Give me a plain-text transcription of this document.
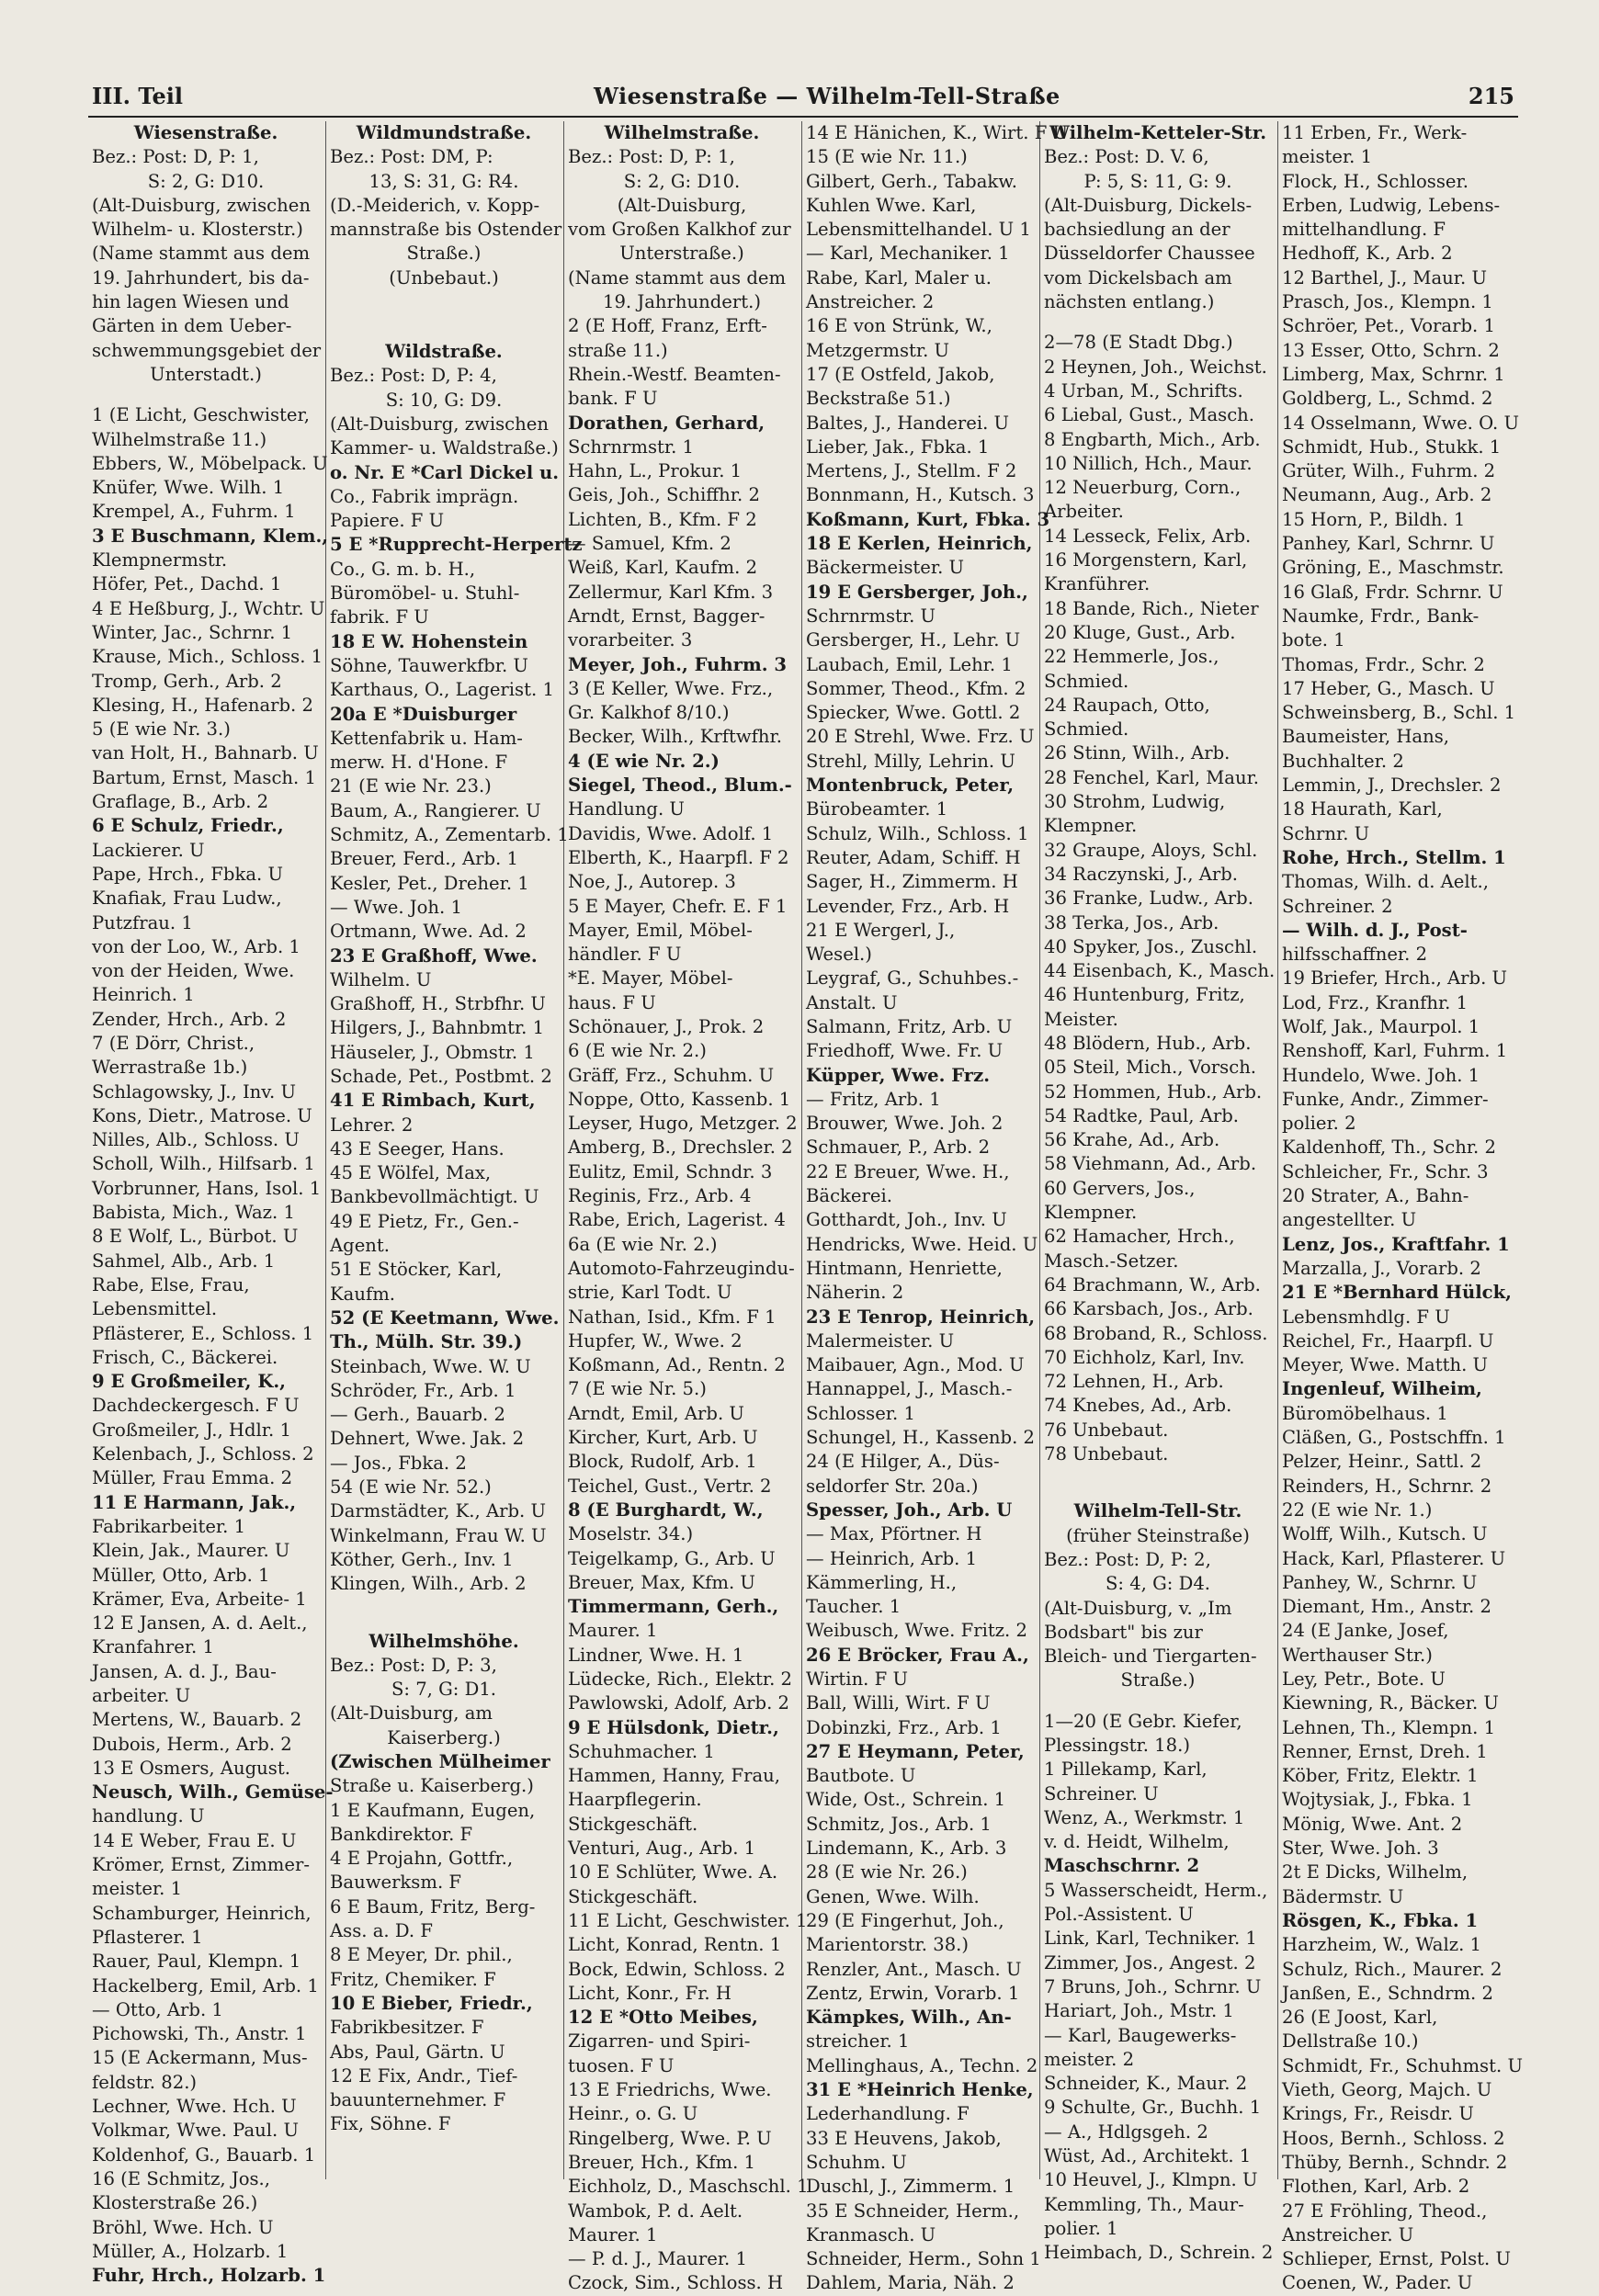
III. Teil	Wiesenstraße — Wilhelm-Tell-Straße	215
Wiesenstraße.
Bez.: Post: D, P: 1,
S: 2, G: D10.
(Alt-Duisburg, zwischen
Wilhelm- u. Klosterstr.)
(Name stammt aus dem
19. Jahrhundert, bis da-
hin lagen Wiesen und
Gärten in dem Ueber-
schwemmungsgebiet der
Unterstadt.)
1 (E Licht, Geschwister,
Wilhelmstraße 11.)
Ebbers, W., Möbelpack. U
Knüfer, Wwe. Wilh. 1
Krempel, A., Fuhrm. 1
3 E Buschmann, Klem.,
Klempnermstr.
Höfer, Pet., Dachd. 1
4 E Heßburg, J., Wchtr. U
Winter, Jac., Schrnr. 1
Krause, Mich., Schloss. 1
Tromp, Gerh., Arb. 2
Klesing, H., Hafenarb. 2
5 (E wie Nr. 3.)
van Holt, H., Bahnarb. U
Bartum, Ernst, Masch. 1
Graflage, B., Arb. 2
6 E Schulz, Friedr.,
Lackierer. U
Pape, Hrch., Fbka. U
Knafiak, Frau Ludw.,
Putzfrau. 1
von der Loo, W., Arb. 1
von der Heiden, Wwe.
Heinrich. 1
Zender, Hrch., Arb. 2
7 (E Dörr, Christ.,
Werrastraße 1b.)
Schlagowsky, J., Inv. U
Kons, Dietr., Matrose. U
Nilles, Alb., Schloss. U
Scholl, Wilh., Hilfsarb. 1
Vorbrunner, Hans, Isol. 1
Babista, Mich., Waz. 1
8 E Wolf, L., Bürbot. U
Sahmel, Alb., Arb. 1
Rabe, Else, Frau,
Lebensmittel.
Pflästerer, E., Schloss. 1
Frisch, C., Bäckerei.
9 E Großmeiler, K.,
Dachdeckergesch. F U
Großmeiler, J., Hdlr. 1
Kelenbach, J., Schloss. 2
Müller, Frau Emma. 2
11 E Harmann, Jak.,
Fabrikarbeiter. 1
Klein, Jak., Maurer. U
Müller, Otto, Arb. 1
Krämer, Eva, Arbeite- 1
12 E Jansen, A. d. Aelt.,
Kranfahrer. 1
Jansen, A. d. J., Bau-
arbeiter. U
Mertens, W., Bauarb. 2
Dubois, Herm., Arb. 2
13 E Osmers, August.
Neusch, Wilh., Gemüse-
handlung. U
14 E Weber, Frau E. U
Krömer, Ernst, Zimmer-
meister. 1
Schamburger, Heinrich,
Pflasterer. 1
Rauer, Paul, Klempn. 1
Hackelberg, Emil, Arb. 1
— Otto, Arb. 1
Pichowski, Th., Anstr. 1
15 (E Ackermann, Mus-
feldstr. 82.)
Lechner, Wwe. Hch. U
Volkmar, Wwe. Paul. U
Koldenhof, G., Bauarb. 1
16 (E Schmitz, Jos.,
Klosterstraße 26.)
Bröhl, Wwe. Hch. U
Müller, A., Holzarb. 1
Fuhr, Hrch., Holzarb. 1
Wildmundstraße.
Bez.: Post: DM, P:
13, S: 31, G: R4.
(D.-Meiderich, v. Kopp-
mannstraße bis Ostender
Straße.)
(Unbebaut.)
Wildstraße.
Bez.: Post: D, P: 4,
S: 10, G: D9.
(Alt-Duisburg, zwischen
Kammer- u. Waldstraße.)
o. Nr. E *Carl Dickel u.
Co., Fabrik imprägn.
Papiere. F U
5 E *Rupprecht-Herpertz
Co., G. m. b. H.,
Büromöbel- u. Stuhl-
fabrik. F U
18 E W. Hohenstein
Söhne, Tauwerkfbr. U
Karthaus, O., Lagerist. 1
20a E *Duisburger
Kettenfabrik u. Ham-
merw. H. d'Hone. F
21 (E wie Nr. 23.)
Baum, A., Rangierer. U
Schmitz, A., Zementarb. 1
Breuer, Ferd., Arb. 1
Kesler, Pet., Dreher. 1
— Wwe. Joh. 1
Ortmann, Wwe. Ad. 2
23 E Graßhoff, Wwe.
Wilhelm. U
Graßhoff, H., Strbfhr. U
Hilgers, J., Bahnbmtr. 1
Häuseler, J., Obmstr. 1
Schade, Pet., Postbmt. 2
41 E Rimbach, Kurt,
Lehrer. 2
43 E Seeger, Hans.
45 E Wölfel, Max,
Bankbevollmächtigt. U
49 E Pietz, Fr., Gen.-
Agent.
51 E Stöcker, Karl,
Kaufm.
52 (E Keetmann, Wwe.
Th., Mülh. Str. 39.)
Steinbach, Wwe. W. U
Schröder, Fr., Arb. 1
— Gerh., Bauarb. 2
Dehnert, Wwe. Jak. 2
— Jos., Fbka. 2
54 (E wie Nr. 52.)
Darmstädter, K., Arb. U
Winkelmann, Frau W. U
Köther, Gerh., Inv. 1
Klingen, Wilh., Arb. 2
Wilhelmshöhe.
Bez.: Post: D, P: 3,
S: 7, G: D1.
(Alt-Duisburg, am
Kaiserberg.)
(Zwischen Mülheimer
Straße u. Kaiserberg.)
1 E Kaufmann, Eugen,
Bankdirektor. F
4 E Projahn, Gottfr.,
Bauwerksm. F
6 E Baum, Fritz, Berg-
Ass. a. D. F
8 E Meyer, Dr. phil.,
Fritz, Chemiker. F
10 E Bieber, Friedr.,
Fabrikbesitzer. F
Abs, Paul, Gärtn. U
12 E Fix, Andr., Tief-
bauunternehmer. F
Fix, Söhne. F
Wilhelmstraße.
Bez.: Post: D, P: 1,
S: 2, G: D10.
(Alt-Duisburg,
vom Großen Kalkhof zur
Unterstraße.)
(Name stammt aus dem
19. Jahrhundert.)
2 (E Hoff, Franz, Erft-
straße 11.)
Rhein.-Westf. Beamten-
bank. F U
Dorathen, Gerhard,
Schrnrmstr. 1
Hahn, L., Prokur. 1
Geis, Joh., Schiffhr. 2
Lichten, B., Kfm. F 2
— Samuel, Kfm. 2
Weiß, Karl, Kaufm. 2
Zellermur, Karl Kfm. 3
Arndt, Ernst, Bagger-
vorarbeiter. 3
Meyer, Joh., Fuhrm. 3
3 (E Keller, Wwe. Frz.,
Gr. Kalkhof 8/10.)
Becker, Wilh., Krftwfhr.
4 (E wie Nr. 2.)
Siegel, Theod., Blum.-
Handlung. U
Davidis, Wwe. Adolf. 1
Elberth, K., Haarpfl. F 2
Noe, J., Autorep. 3
5 E Mayer, Chefr. E. F 1
Mayer, Emil, Möbel-
händler. F U
*E. Mayer, Möbel-
haus. F U
Schönauer, J., Prok. 2
6 (E wie Nr. 2.)
Gräff, Frz., Schuhm. U
Noppe, Otto, Kassenb. 1
Leyser, Hugo, Metzger. 2
Amberg, B., Drechsler. 2
Eulitz, Emil, Schndr. 3
Reginis, Frz., Arb. 4
Rabe, Erich, Lagerist. 4
6a (E wie Nr. 2.)
Automoto-Fahrzeugindu-
strie, Karl Todt. U
Nathan, Isid., Kfm. F 1
Hupfer, W., Wwe. 2
Koßmann, Ad., Rentn. 2
7 (E wie Nr. 5.)
Arndt, Emil, Arb. U
Kircher, Kurt, Arb. U
Block, Rudolf, Arb. 1
Teichel, Gust., Vertr. 2
8 (E Burghardt, W.,
Moselstr. 34.)
Teigelkamp, G., Arb. U
Breuer, Max, Kfm. U
Timmermann, Gerh.,
Maurer. 1
Lindner, Wwe. H. 1
Lüdecke, Rich., Elektr. 2
Pawlowski, Adolf, Arb. 2
9 E Hülsdonk, Dietr.,
Schuhmacher. 1
Hammen, Hanny, Frau,
Haarpflegerin.
Stickgeschäft.
Venturi, Aug., Arb. 1
10 E Schlüter, Wwe. A.
Stickgeschäft.
11 E Licht, Geschwister. 1
Licht, Konrad, Rentn. 1
Bock, Edwin, Schloss. 2
Licht, Konr., Fr. H
12 E *Otto Meibes,
Zigarren- und Spiri-
tuosen. F U
13 E Friedrichs, Wwe.
Heinr., o. G. U
Ringelberg, Wwe. P. U
Breuer, Hch., Kfm. 1
Eichholz, D., Maschschl. 1
Wambok, P. d. Aelt.
Maurer. 1
— P. d. J., Maurer. 1
Czock, Sim., Schloss. H
14 E Hänichen, K., Wirt. F U
15 (E wie Nr. 11.)
Gilbert, Gerh., Tabakw.
Kuhlen Wwe. Karl,
Lebensmittelhandel. U 1
— Karl, Mechaniker. 1
Rabe, Karl, Maler u.
Anstreicher. 2
16 E von Strünk, W.,
Metzgermstr. U
17 (E Ostfeld, Jakob,
Beckstraße 51.)
Baltes, J., Handerei. U
Lieber, Jak., Fbka. 1
Mertens, J., Stellm. F 2
Bonnmann, H., Kutsch. 3
Koßmann, Kurt, Fbka. 3
18 E Kerlen, Heinrich,
Bäckermeister. U
19 E Gersberger, Joh.,
Schrnrmstr. U
Gersberger, H., Lehr. U
Laubach, Emil, Lehr. 1
Sommer, Theod., Kfm. 2
Spiecker, Wwe. Gottl. 2
20 E Strehl, Wwe. Frz. U
Strehl, Milly, Lehrin. U
Montenbruck, Peter,
Bürobeamter. 1
Schulz, Wilh., Schloss. 1
Reuter, Adam, Schiff. H
Sager, H., Zimmerm. H
Levender, Frz., Arb. H
21 E Wergerl, J.,
Wesel.)
Leygraf, G., Schuhbes.-
Anstalt. U
Salmann, Fritz, Arb. U
Friedhoff, Wwe. Fr. U
Küpper, Wwe. Frz.
— Fritz, Arb. 1
Brouwer, Wwe. Joh. 2
Schmauer, P., Arb. 2
22 E Breuer, Wwe. H.,
Bäckerei.
Gotthardt, Joh., Inv. U
Hendricks, Wwe. Heid. U
Hintmann, Henriette,
Näherin. 2
23 E Tenrop, Heinrich,
Malermeister. U
Maibauer, Agn., Mod. U
Hannappel, J., Masch.-
Schlosser. 1
Schungel, H., Kassenb. 2
24 (E Hilger, A., Düs-
seldorfer Str. 20a.)
Spesser, Joh., Arb. U
— Max, Pförtner. H
— Heinrich, Arb. 1
Kämmerling, H.,
Taucher. 1
Weibusch, Wwe. Fritz. 2
26 E Bröcker, Frau A.,
Wirtin. F U
Ball, Willi, Wirt. F U
Dobinzki, Frz., Arb. 1
27 E Heymann, Peter,
Bautbote. U
Wide, Ost., Schrein. 1
Schmitz, Jos., Arb. 1
Lindemann, K., Arb. 3
28 (E wie Nr. 26.)
Genen, Wwe. Wilh.
29 (E Fingerhut, Joh.,
Marientorstr. 38.)
Renzler, Ant., Masch. U
Zentz, Erwin, Vorarb. 1
Kämpkes, Wilh., An-
streicher. 1
Mellinghaus, A., Techn. 2
31 E *Heinrich Henke,
Lederhandlung. F
33 E Heuvens, Jakob,
Schuhm. U
Duschl, J., Zimmerm. 1
35 E Schneider, Herm.,
Kranmasch. U
Schneider, Herm., Sohn 1
Dahlem, Maria, Näh. 2
Wilhelm-Ketteler-Str.
Bez.: Post: D. V. 6,
P: 5, S: 11, G: 9.
(Alt-Duisburg, Dickels-
bachsiedlung an der
Düsseldorfer Chaussee
vom Dickelsbach am
nächsten entlang.)
2—78 (E Stadt Dbg.)
2 Heynen, Joh., Weichst.
4 Urban, M., Schrifts.
6 Liebal, Gust., Masch.
8 Engbarth, Mich., Arb.
10 Nillich, Hch., Maur.
12 Neuerburg, Corn.,
Arbeiter.
14 Lesseck, Felix, Arb.
16 Morgenstern, Karl,
Kranführer.
18 Bande, Rich., Nieter
20 Kluge, Gust., Arb.
22 Hemmerle, Jos.,
Schmied.
24 Raupach, Otto,
Schmied.
26 Stinn, Wilh., Arb.
28 Fenchel, Karl, Maur.
30 Strohm, Ludwig,
Klempner.
32 Graupe, Aloys, Schl.
34 Raczynski, J., Arb.
36 Franke, Ludw., Arb.
38 Terka, Jos., Arb.
40 Spyker, Jos., Zuschl.
44 Eisenbach, K., Masch.
46 Huntenburg, Fritz,
Meister.
48 Blödern, Hub., Arb.
05 Steil, Mich., Vorsch.
52 Hommen, Hub., Arb.
54 Radtke, Paul, Arb.
56 Krahe, Ad., Arb.
58 Viehmann, Ad., Arb.
60 Gervers, Jos.,
Klempner.
62 Hamacher, Hrch.,
Masch.-Setzer.
64 Brachmann, W., Arb.
66 Karsbach, Jos., Arb.
68 Broband, R., Schloss.
70 Eichholz, Karl, Inv.
72 Lehnen, H., Arb.
74 Knebes, Ad., Arb.
76 Unbebaut.
78 Unbebaut.
Wilhelm-Tell-Str.
(früher Steinstraße)
Bez.: Post: D, P: 2,
S: 4, G: D4.
(Alt-Duisburg, v. „Im
Bodsbart" bis zur
Bleich- und Tiergarten-
Straße.)
1—20 (E Gebr. Kiefer,
Plessingstr. 18.)
1 Pillekamp, Karl,
Schreiner. U
Wenz, A., Werkmstr. 1
v. d. Heidt, Wilhelm,
Maschschrnr. 2
5 Wasserscheidt, Herm.,
Pol.-Assistent. U
Link, Karl, Techniker. 1
Zimmer, Jos., Angest. 2
7 Bruns, Joh., Schrnr. U
Hariart, Joh., Mstr. 1
— Karl, Baugewerks-
meister. 2
Schneider, K., Maur. 2
9 Schulte, Gr., Buchh. 1
— A., Hdlgsgeh. 2
Wüst, Ad., Architekt. 1
10 Heuvel, J., Klmpn. U
Kemmling, Th., Maur-
polier. 1
Heimbach, D., Schrein. 2
11 Erben, Fr., Werk-
meister. 1
Flock, H., Schlosser.
Erben, Ludwig, Lebens-
mittelhandlung. F
Hedhoff, K., Arb. 2
12 Barthel, J., Maur. U
Prasch, Jos., Klempn. 1
Schröer, Pet., Vorarb. 1
13 Esser, Otto, Schrn. 2
Limberg, Max, Schrnr. 1
Goldberg, L., Schmd. 2
14 Osselmann, Wwe. O. U
Schmidt, Hub., Stukk. 1
Grüter, Wilh., Fuhrm. 2
Neumann, Aug., Arb. 2
15 Horn, P., Bildh. 1
Panhey, Karl, Schrnr. U
Gröning, E., Maschmstr.
16 Glaß, Frdr. Schrnr. U
Naumke, Frdr., Bank-
bote. 1
Thomas, Frdr., Schr. 2
17 Heber, G., Masch. U
Schweinsberg, B., Schl. 1
Baumeister, Hans,
Buchhalter. 2
Lemmin, J., Drechsler. 2
18 Haurath, Karl,
Schrnr. U
Rohe, Hrch., Stellm. 1
Thomas, Wilh. d. Aelt.,
Schreiner. 2
— Wilh. d. J., Post-
hilfsschaffner. 2
19 Briefer, Hrch., Arb. U
Lod, Frz., Kranfhr. 1
Wolf, Jak., Maurpol. 1
Renshoff, Karl, Fuhrm. 1
Hundelo, Wwe. Joh. 1
Funke, Andr., Zimmer-
polier. 2
Kaldenhoff, Th., Schr. 2
Schleicher, Fr., Schr. 3
20 Strater, A., Bahn-
angestellter. U
Lenz, Jos., Kraftfahr. 1
Marzalla, J., Vorarb. 2
21 E *Bernhard Hülck,
Lebensmhdlg. F U
Reichel, Fr., Haarpfl. U
Meyer, Wwe. Matth. U
Ingenleuf, Wilheim,
Büromöbelhaus. 1
Cläßen, G., Postschffn. 1
Pelzer, Heinr., Sattl. 2
Reinders, H., Schrnr. 2
22 (E wie Nr. 1.)
Wolff, Wilh., Kutsch. U
Hack, Karl, Pflasterer. U
Panhey, W., Schrnr. U
Diemant, Hm., Anstr. 2
24 (E Janke, Josef,
Werthauser Str.)
Ley, Petr., Bote. U
Kiewning, R., Bäcker. U
Lehnen, Th., Klempn. 1
Renner, Ernst, Dreh. 1
Köber, Fritz, Elektr. 1
Wojtysiak, J., Fbka. 1
Mönig, Wwe. Ant. 2
Ster, Wwe. Joh. 3
2t E Dicks, Wilhelm,
Bädermstr. U
Rösgen, K., Fbka. 1
Harzheim, W., Walz. 1
Schulz, Rich., Maurer. 2
Janßen, E., Schndrm. 2
26 (E Joost, Karl,
Dellstraße 10.)
Schmidt, Fr., Schuhmst. U
Vieth, Georg, Majch. U
Krings, Fr., Reisdr. U
Hoos, Bernh., Schloss. 2
Thüby, Bernh., Schndr. 2
Flothen, Karl, Arb. 2
27 E Fröhling, Theod.,
Anstreicher. U
Schlieper, Ernst, Polst. U
Coenen, W., Pader. U
